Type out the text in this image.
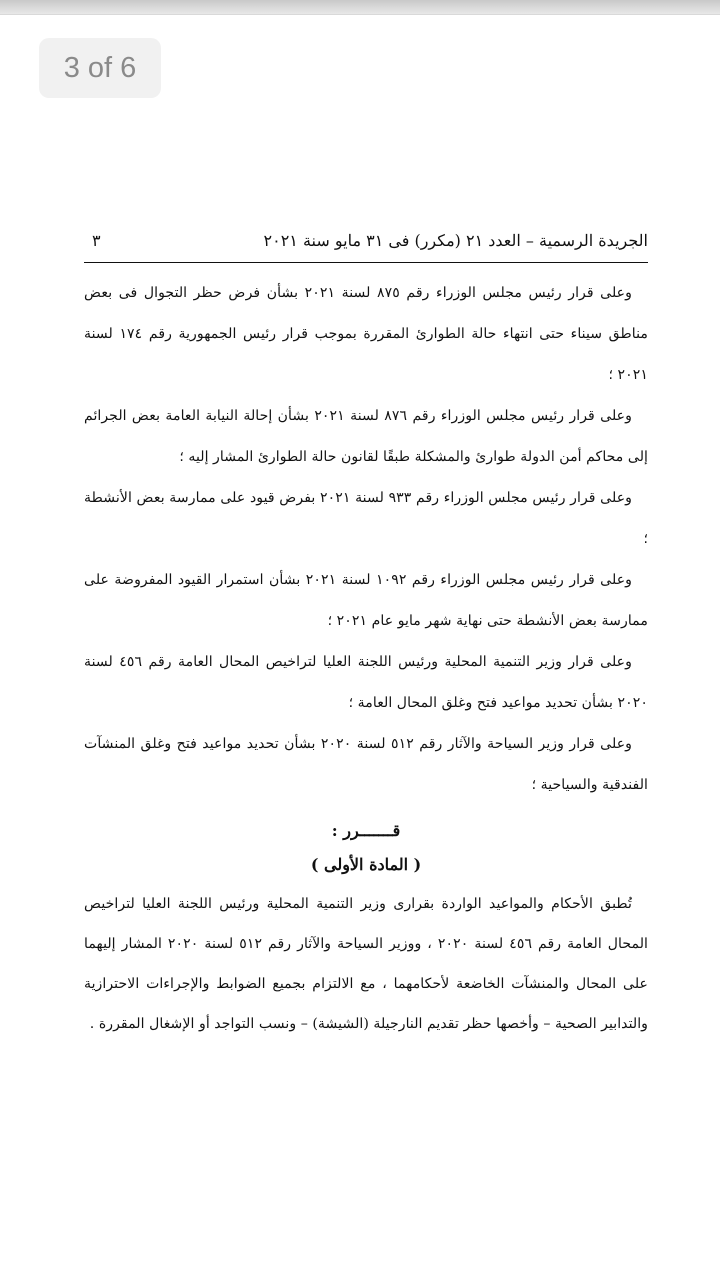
3 of 6
الجريدة الرسمية – العدد ٢١ (مكرر) فى ٣١ مايو سنة ٢٠٢١
٣

وعلى قرار رئيس مجلس الوزراء رقم ٨٧٥ لسنة ٢٠٢١ بشأن فرض حظر التجوال فى بعض مناطق سيناء حتى انتهاء حالة الطوارئ المقررة بموجب قرار رئيس الجمهورية رقم ١٧٤ لسنة ٢٠٢١ ؛

وعلى قرار رئيس مجلس الوزراء رقم ٨٧٦ لسنة ٢٠٢١ بشأن إحالة النيابة العامة بعض الجرائم إلى محاكم أمن الدولة طوارئ والمشكلة طبقًا لقانون حالة الطوارئ المشار إليه ؛

وعلى قرار رئيس مجلس الوزراء رقم ٩٣٣ لسنة ٢٠٢١ بفرض قيود على ممارسة بعض الأنشطة ؛

وعلى قرار رئيس مجلس الوزراء رقم ١٠٩٢ لسنة ٢٠٢١ بشأن استمرار القيود المفروضة على ممارسة بعض الأنشطة حتى نهاية شهر مايو عام ٢٠٢١ ؛

وعلى قرار وزير التنمية المحلية ورئيس اللجنة العليا لتراخيص المحال العامة رقم ٤٥٦ لسنة ٢٠٢٠ بشأن تحديد مواعيد فتح وغلق المحال العامة ؛

وعلى قرار وزير السياحة والآثار رقم ٥١٢ لسنة ٢٠٢٠ بشأن تحديد مواعيد فتح وغلق المنشآت الفندقية والسياحية ؛

قـــــــرر :
( المادة الأولى )

تُطبق الأحكام والمواعيد الواردة بقرارى وزير التنمية المحلية ورئيس اللجنة العليا لتراخيص المحال العامة رقم ٤٥٦ لسنة ٢٠٢٠ ، ووزير السياحة والآثار رقم ٥١٢ لسنة ٢٠٢٠ المشار إليهما على المحال والمنشآت الخاضعة لأحكامهما ، مع الالتزام بجميع الضوابط والإجراءات الاحترازية والتدابير الصحية – وأخصها حظر تقديم النارجيلة (الشيشة) – ونسب التواجد أو الإشغال المقررة .
